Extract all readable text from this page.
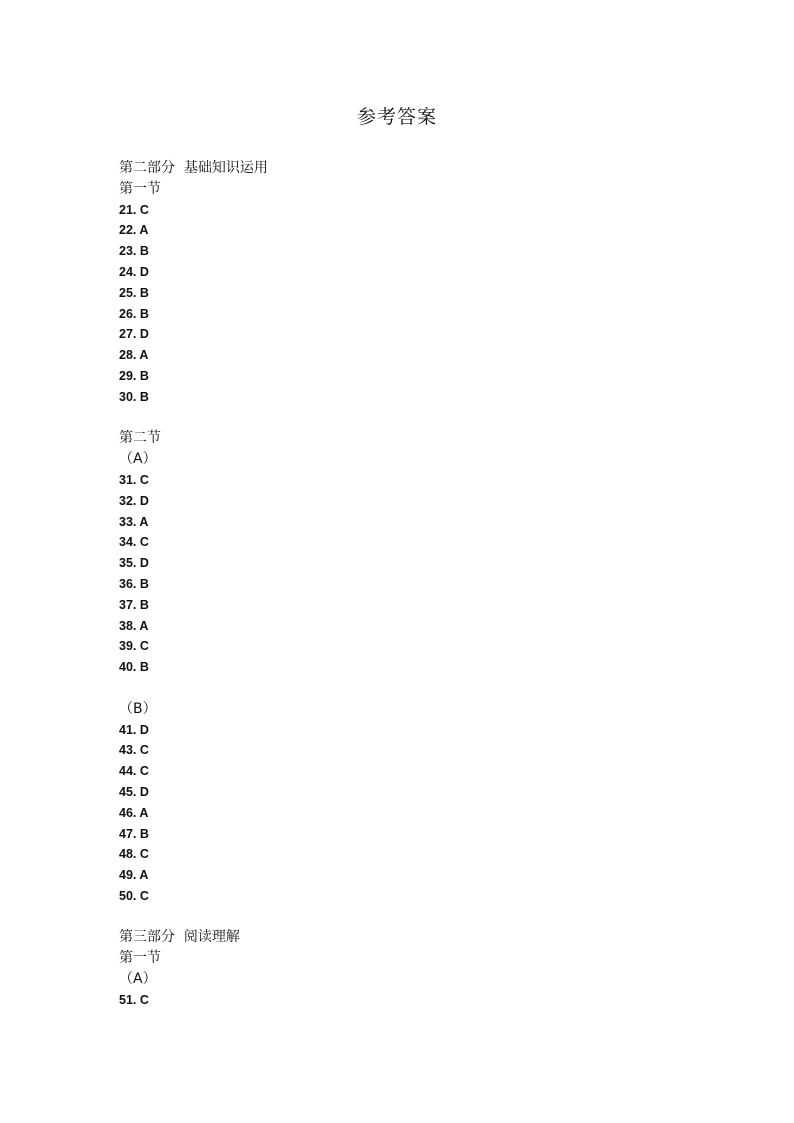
参考答案
第二部分  基础知识运用
第一节
21. C
22. A
23. B
24. D
25. B
26. B
27. D
28. A
29. B
30. B
第二节
（A）
31. C
32. D
33. A
34. C
35. D
36. B
37. B
38. A
39. C
40. B
（B）
41. D
43. C
44. C
45. D
46. A
47. B
48. C
49. A
50. C
第三部分  阅读理解
第一节
（A）
51. C
